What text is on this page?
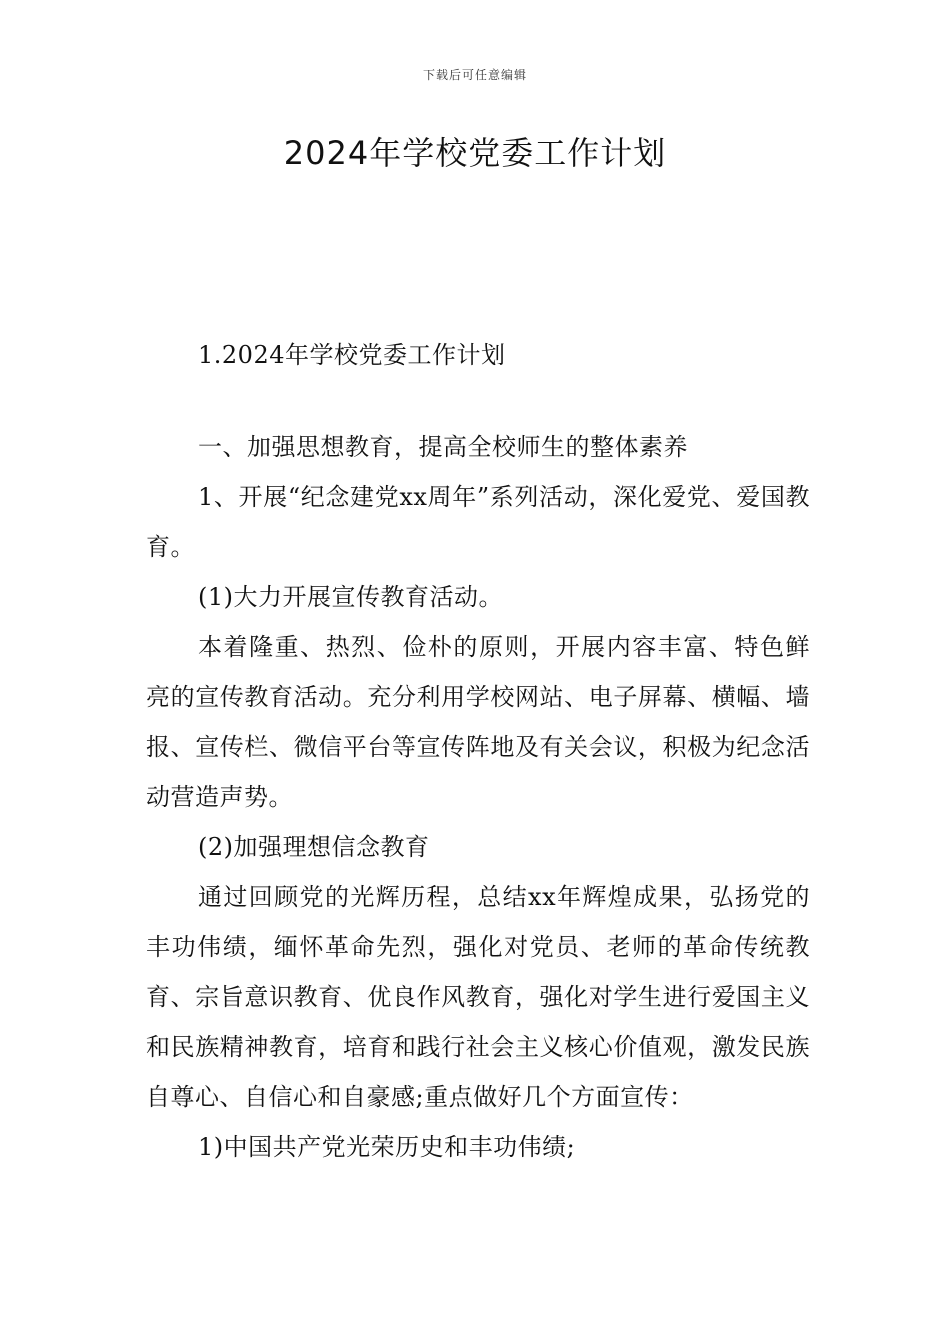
下载后可任意编辑
2024年学校党委工作计划

1.2024年学校党委工作计划

一、加强思想教育，提高全校师生的整体素养

1、开展“纪念建党xx周年”系列活动，深化爱党、爱国教育。

(1)大力开展宣传教育活动。

本着隆重、热烈、俭朴的原则，开展内容丰富、特色鲜亮的宣传教育活动。充分利用学校网站、电子屏幕、横幅、墙报、宣传栏、微信平台等宣传阵地及有关会议，积极为纪念活动营造声势。

(2)加强理想信念教育

通过回顾党的光辉历程，总结xx年辉煌成果，弘扬党的丰功伟绩，缅怀革命先烈，强化对党员、老师的革命传统教育、宗旨意识教育、优良作风教育，强化对学生进行爱国主义和民族精神教育，培育和践行社会主义核心价值观，激发民族自尊心、自信心和自豪感;重点做好几个方面宣传：

1)中国共产党光荣历史和丰功伟绩;
